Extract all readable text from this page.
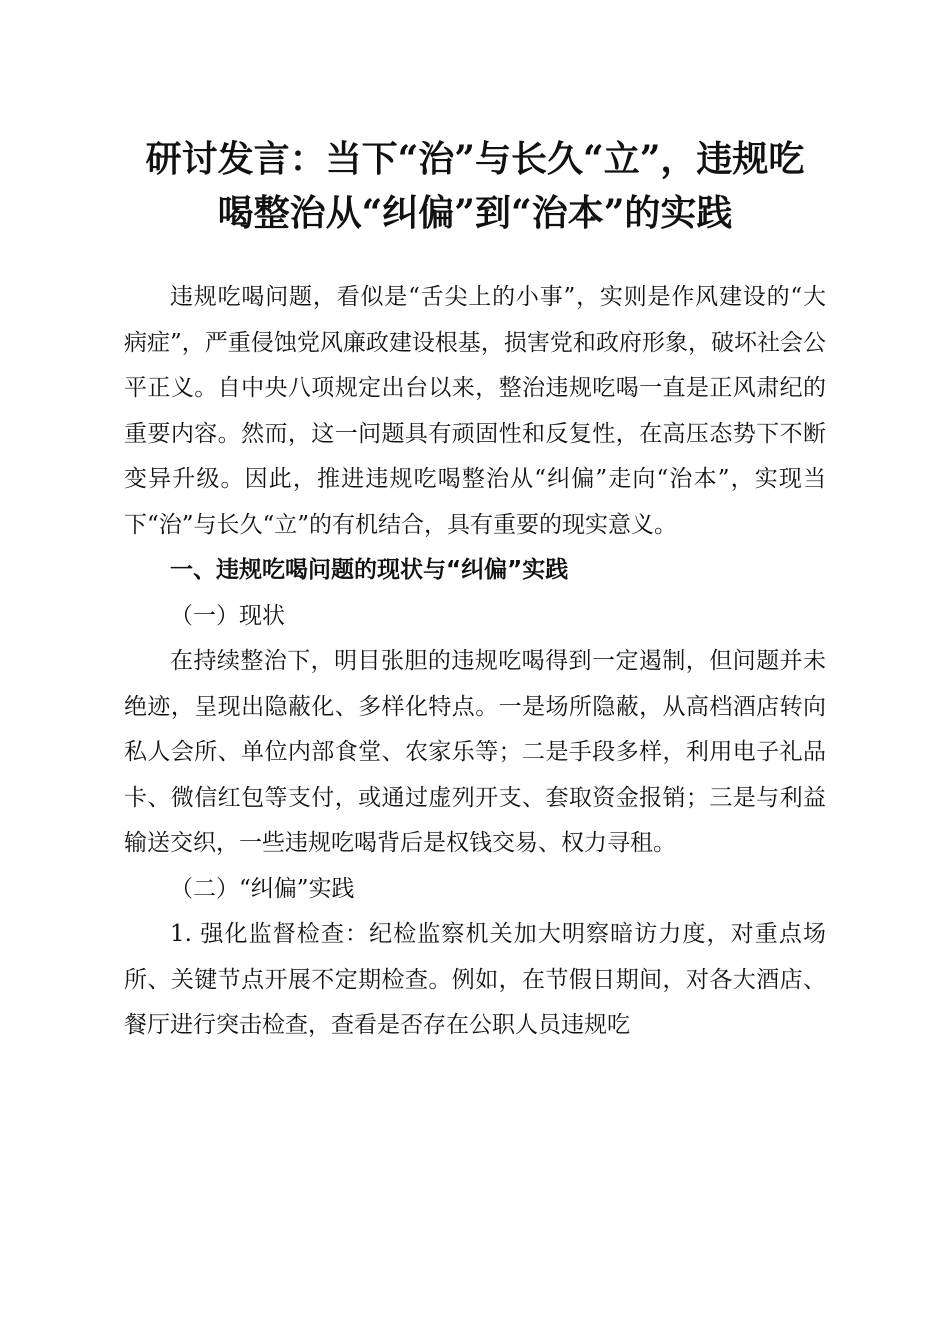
研讨发言：当下“治”与长久“立”，违规吃
喝整治从“纠偏”到“治本”的实践

违规吃喝问题，看似是“舌尖上的小事”，实则是作风建设的“大病症”，严重侵蚀党风廉政建设根基，损害党和政府形象，破坏社会公平正义。自中央八项规定出台以来，整治违规吃喝一直是正风肃纪的重要内容。然而，这一问题具有顽固性和反复性，在高压态势下不断变异升级。因此，推进违规吃喝整治从“纠偏”走向“治本”，实现当下“治”与长久“立”的有机结合，具有重要的现实意义。

一、违规吃喝问题的现状与“纠偏”实践

（一）现状

在持续整治下，明目张胆的违规吃喝得到一定遏制，但问题并未绝迹，呈现出隐蔽化、多样化特点。一是场所隐蔽，从高档酒店转向私人会所、单位内部食堂、农家乐等；二是手段多样，利用电子礼品卡、微信红包等支付，或通过虚列开支、套取资金报销；三是与利益输送交织，一些违规吃喝背后是权钱交易、权力寻租。

（二）“纠偏”实践

1. 强化监督检查：纪检监察机关加大明察暗访力度，对重点场所、关键节点开展不定期检查。例如，在节假日期间，对各大酒店、餐厅进行突击检查，查看是否存在公职人员违规吃
